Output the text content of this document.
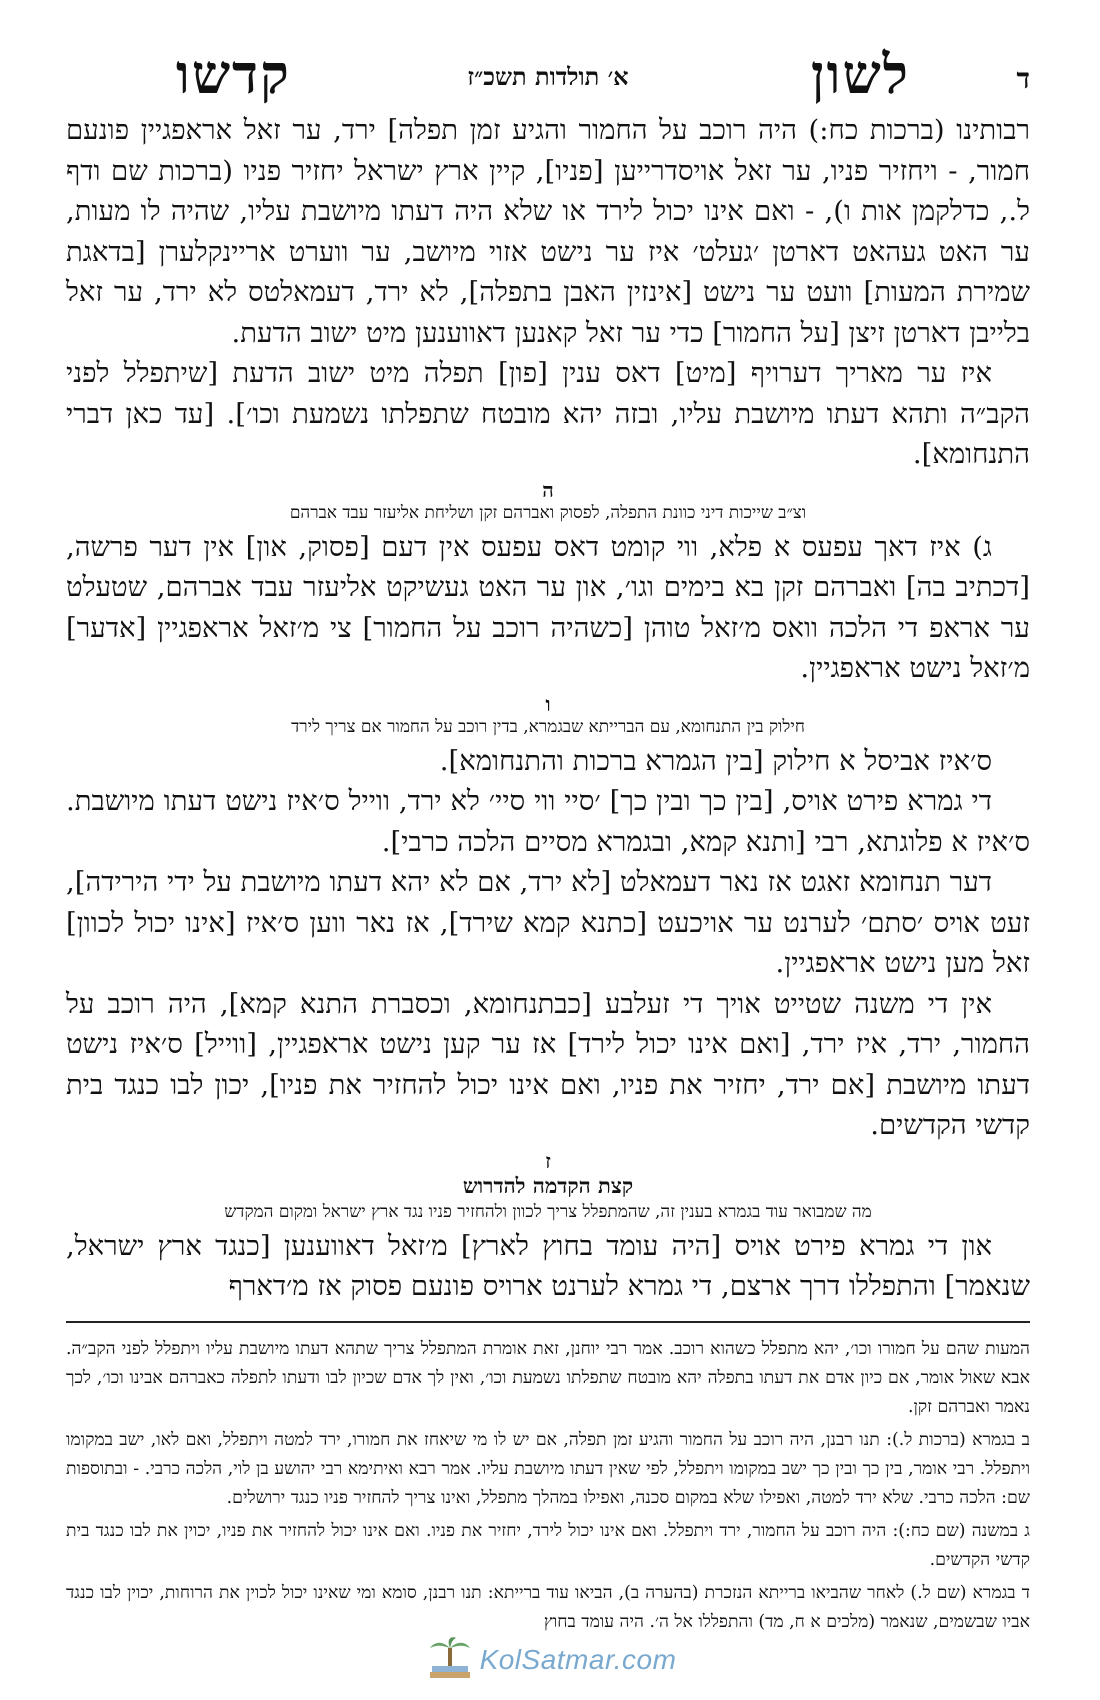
ד
לשון
א׳ תולדות תשכ״ז
קדשו

רבותינו (ברכות כח:) היה רוכב על החמור והגיע זמן תפלה] ירד, ער זאל אראפגיין פונעם חמור, - ויחזיר פניו, ער זאל אויסדרייען [פניו], קיין ארץ ישראל יחזיר פניו (ברכות שם ודף ל., כדלקמן אות ו), - ואם אינו יכול לירד או שלא היה דעתו מיושבת עליו, שהיה לו מעות, ער האט געהאט דארטן ׳געלט׳ איז ער נישט אזוי מיושב, ער ווערט אריינקלערן [בדאגת שמירת המעות] וועט ער נישט [אינזין האבן בתפלה], לא ירד, דעמאלטס לא ירד, ער זאל בלייבן דארטן זיצן [על החמור] כדי ער זאל קאנען דאווענען מיט ישוב הדעת.

איז ער מאריך דערויף [מיט] דאס ענין [פון] תפלה מיט ישוב הדעת [שיתפלל לפני הקב״ה ותהא דעתו מיושבת עליו, ובזה יהא מובטח שתפלתו נשמעת וכו׳]. [עד כאן דברי התנחומא].

ה
וצ״ב שייכות דיני כוונת התפלה, לפסוק ואברהם זקן ושליחת אליעזר עבד אברהם

ג) איז דאך עפעס א פלא, ווי קומט דאס עפעס אין דעם [פסוק, און] אין דער פרשה, [דכתיב בה] ואברהם זקן בא בימים וגו׳, און ער האט געשיקט אליעזר עבד אברהם, שטעלט ער אראפ די הלכה וואס מ׳זאל טוהן [כשהיה רוכב על החמור] צי מ׳זאל אראפגיין [אדער] מ׳זאל נישט אראפגיין.

ו
חילוק בין התנחומא, עם הברייתא שבגמרא, בדין רוכב על החמור אם צריך לירד

ס׳איז אביסל א חילוק [בין הגמרא ברכות והתנחומא].

די גמרא פירט אויס, [בין כך ובין כך] ׳סיי ווי סיי׳ לא ירד, ווייל ס׳איז נישט דעתו מיושבת. ס׳איז א פלוגתא, רבי [ותנא קמא, ובגמרא מסיים הלכה כרבי].

דער תנחומא זאגט אז נאר דעמאלט [לא ירד, אם לא יהא דעתו מיושבת על ידי הירידה], זעט אויס ׳סתם׳ לערנט ער אויכעט [כתנא קמא שירד], אז נאר ווען ס׳איז [אינו יכול לכוון] זאל מען נישט אראפגיין.

אין די משנה שטייט אויך די זעלבע [כבתנחומא, וכסברת התנא קמא], היה רוכב על החמור, ירד, איז ירד, [ואם אינו יכול לירד] אז ער קען נישט אראפגיין, [ווייל] ס׳איז נישט דעתו מיושבת [אם ירד, יחזיר את פניו, ואם אינו יכול להחזיר את פניו], יכון לבו כנגד בית קדשי הקדשים.

ז
קצת הקדמה להדרוש
מה שמבואר עוד בגמרא בענין זה, שהמתפלל צריך לכוון ולהחזיר פניו נגד ארץ ישראל ומקום המקדש

און די גמרא פירט אויס [היה עומד בחוץ לארץ] מ׳זאל דאווענען [כנגד ארץ ישראל, שנאמר] והתפללו דרך ארצם, די גמרא לערנט ארויס פונעם פסוק אז מ׳דארף

המעות שהם על חמורו וכו׳, יהא מתפלל כשהוא רוכב. אמר רבי יוחנן, זאת אומרת המתפלל צריך שתהא דעתו מיושבת עליו ויתפלל לפני הקב״ה. אבא שאול אומר, אם כיון אדם את דעתו בתפלה יהא מובטח שתפלתו נשמעת וכו׳, ואין לך אדם שכיון לבו ודעתו לתפלה כאברהם אבינו וכו׳, לכך נאמר ואברהם זקן.

ב בגמרא (ברכות ל.): תנו רבנן, היה רוכב על החמור והגיע זמן תפלה, אם יש לו מי שיאחז את חמורו, ירד למטה ויתפלל, ואם לאו, ישב במקומו ויתפלל. רבי אומר, בין כך ובין כך ישב במקומו ויתפלל, לפי שאין דעתו מיושבת עליו. אמר רבא ואיתימא רבי יהושע בן לוי, הלכה כרבי. - ובתוספות שם: הלכה כרבי. שלא ירד למטה, ואפילו שלא במקום סכנה, ואפילו במהלך מתפלל, ואינו צריך להחזיר פניו כנגד ירושלים.

ג במשנה (שם כח:): היה רוכב על החמור, ירד ויתפלל. ואם אינו יכול לירד, יחזיר את פניו. ואם אינו יכול להחזיר את פניו, יכוין את לבו כנגד בית קדשי הקדשים.

ד בגמרא (שם ל.) לאחר שהביאו ברייתא הנזכרת (בהערה ב), הביאו עוד ברייתא: תנו רבנן, סומא ומי שאינו יכול לכוין את הרוחות, יכוין לבו כנגד אביו שבשמים, שנאמר (מלכים א ח, מד) והתפללו אל ה׳. היה עומד בחוץ

KolSatmar.com
